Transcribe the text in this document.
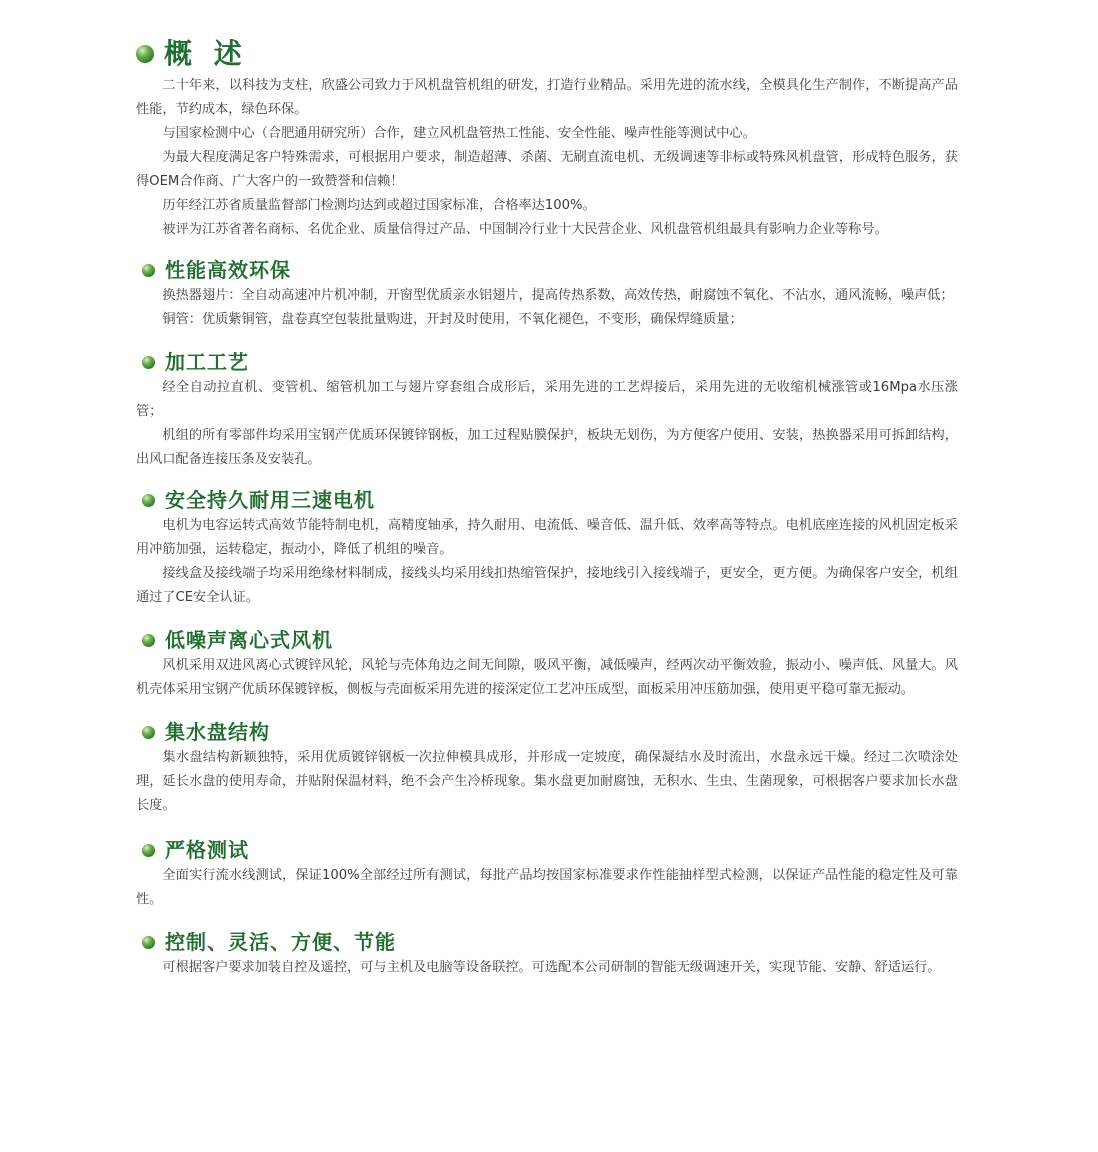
概 述

二十年来，以科技为支柱，欣盛公司致力于风机盘管机组的研发，打造行业精品。采用先进的流水线，全模具化生产制作，不断提高产品性能，节约成本，绿色环保。

与国家检测中心（合肥通用研究所）合作，建立风机盘管热工性能、安全性能、噪声性能等测试中心。

为最大程度满足客户特殊需求，可根据用户要求，制造超薄、杀菌、无刷直流电机、无级调速等非标或特殊风机盘管，形成特色服务，获得OEM合作商、广大客户的一致赞誉和信赖！

历年经江苏省质量监督部门检测均达到或超过国家标准，合格率达100%。

被评为江苏省著名商标、名优企业、质量信得过产品、中国制冷行业十大民营企业、风机盘管机组最具有影响力企业等称号。

性能高效环保

换热器翅片：全自动高速冲片机冲制，开窗型优质亲水铝翅片，提高传热系数，高效传热，耐腐蚀不氧化、不沾水，通风流畅，噪声低；

铜管：优质紫铜管，盘卷真空包装批量购进，开封及时使用，不氧化褪色，不变形，确保焊缝质量；

加工工艺

经全自动拉直机、变管机、缩管机加工与翅片穿套组合成形后，采用先进的工艺焊接后，采用先进的无收缩机械涨管或16Mpa水压涨管；

机组的所有零部件均采用宝钢产优质环保镀锌钢板，加工过程贴膜保护，板块无划伤，为方便客户使用、安装，热换器采用可拆卸结构，出风口配备连接压条及安装孔。

安全持久耐用三速电机

电机为电容运转式高效节能特制电机，高精度轴承，持久耐用、电流低、噪音低、温升低、效率高等特点。电机底座连接的风机固定板采用冲筋加强，运转稳定，振动小，降低了机组的噪音。

接线盒及接线端子均采用绝缘材料制成，接线头均采用线扣热缩管保护，接地线引入接线端子，更安全，更方便。为确保客户安全，机组通过了CE安全认证。

低噪声离心式风机

风机采用双进风离心式镀锌风轮，风轮与壳体角边之间无间隙，吸风平衡，减低噪声，经两次动平衡效验，振动小、噪声低、风量大。风机壳体采用宝钢产优质环保镀锌板，侧板与壳面板采用先进的接深定位工艺冲压成型，面板采用冲压筋加强，使用更平稳可靠无振动。

集水盘结构

集水盘结构新颖独特，采用优质镀锌钢板一次拉伸模具成形，并形成一定坡度，确保凝结水及时流出，水盘永远干燥。经过二次喷涂处理，延长水盘的使用寿命，并贴附保温材料，绝不会产生冷桥现象。集水盘更加耐腐蚀，无积水、生虫、生菌现象，可根据客户要求加长水盘长度。

严格测试

全面实行流水线测试，保证100%全部经过所有测试，每批产品均按国家标准要求作性能抽样型式检测，以保证产品性能的稳定性及可靠性。

控制、灵活、方便、节能

可根据客户要求加装自控及遥控，可与主机及电脑等设备联控。可选配本公司研制的智能无级调速开关，实现节能、安静、舒适运行。
